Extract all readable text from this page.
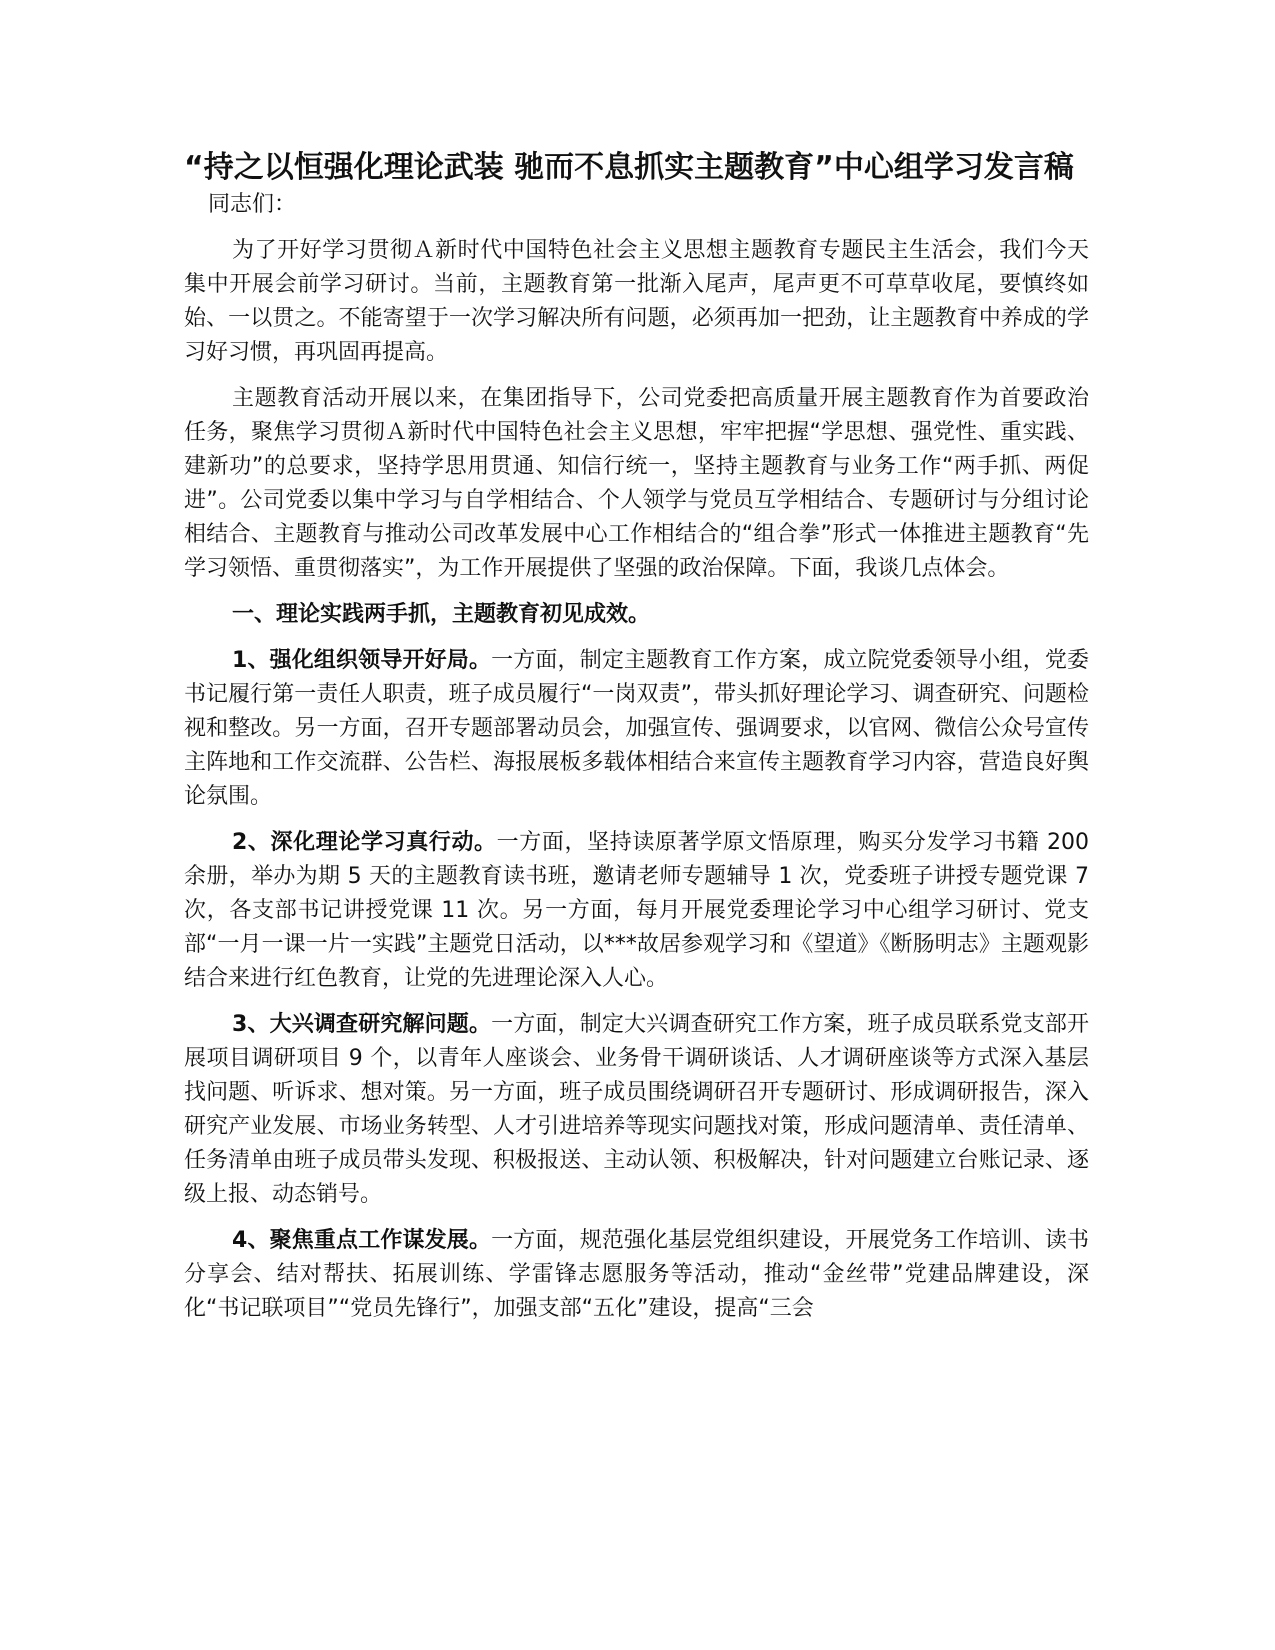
“持之以恒强化理论武装 驰而不息抓实主题教育”中心组学习发言稿

同志们：

为了开好学习贯彻Ａ新时代中国特色社会主义思想主题教育专题民主生活会，我们今天集中开展会前学习研讨。当前，主题教育第一批渐入尾声，尾声更不可草草收尾，要慎终如始、一以贯之。不能寄望于一次学习解决所有问题，必须再加一把劲，让主题教育中养成的学习好习惯，再巩固再提高。

主题教育活动开展以来，在集团指导下，公司党委把高质量开展主题教育作为首要政治任务，聚焦学习贯彻Ａ新时代中国特色社会主义思想，牢牢把握“学思想、强党性、重实践、建新功”的总要求，坚持学思用贯通、知信行统一，坚持主题教育与业务工作“两手抓、两促进”。公司党委以集中学习与自学相结合、个人领学与党员互学相结合、专题研讨与分组讨论相结合、主题教育与推动公司改革发展中心工作相结合的“组合拳”形式一体推进主题教育“先学习领悟、重贯彻落实”，为工作开展提供了坚强的政治保障。下面，我谈几点体会。

一、理论实践两手抓，主题教育初见成效。

1、强化组织领导开好局。一方面，制定主题教育工作方案，成立院党委领导小组，党委书记履行第一责任人职责，班子成员履行“一岗双责”，带头抓好理论学习、调查研究、问题检视和整改。另一方面，召开专题部署动员会，加强宣传、强调要求，以官网、微信公众号宣传主阵地和工作交流群、公告栏、海报展板多载体相结合来宣传主题教育学习内容，营造良好舆论氛围。

2、深化理论学习真行动。一方面，坚持读原著学原文悟原理，购买分发学习书籍 200 余册，举办为期 5 天的主题教育读书班，邀请老师专题辅导 1 次，党委班子讲授专题党课 7 次，各支部书记讲授党课 11 次。另一方面，每月开展党委理论学习中心组学习研讨、党支部“一月一课一片一实践”主题党日活动，以***故居参观学习和《望道》《断肠明志》主题观影结合来进行红色教育，让党的先进理论深入人心。

3、大兴调查研究解问题。一方面，制定大兴调查研究工作方案，班子成员联系党支部开展项目调研项目 9 个，以青年人座谈会、业务骨干调研谈话、人才调研座谈等方式深入基层找问题、听诉求、想对策。另一方面，班子成员围绕调研召开专题研讨、形成调研报告，深入研究产业发展、市场业务转型、人才引进培养等现实问题找对策，形成问题清单、责任清单、任务清单由班子成员带头发现、积极报送、主动认领、积极解决，针对问题建立台账记录、逐级上报、动态销号。

4、聚焦重点工作谋发展。一方面，规范强化基层党组织建设，开展党务工作培训、读书分享会、结对帮扶、拓展训练、学雷锋志愿服务等活动，推动“金丝带”党建品牌建设，深化“书记联项目”“党员先锋行”，加强支部“五化”建设，提高“三会
